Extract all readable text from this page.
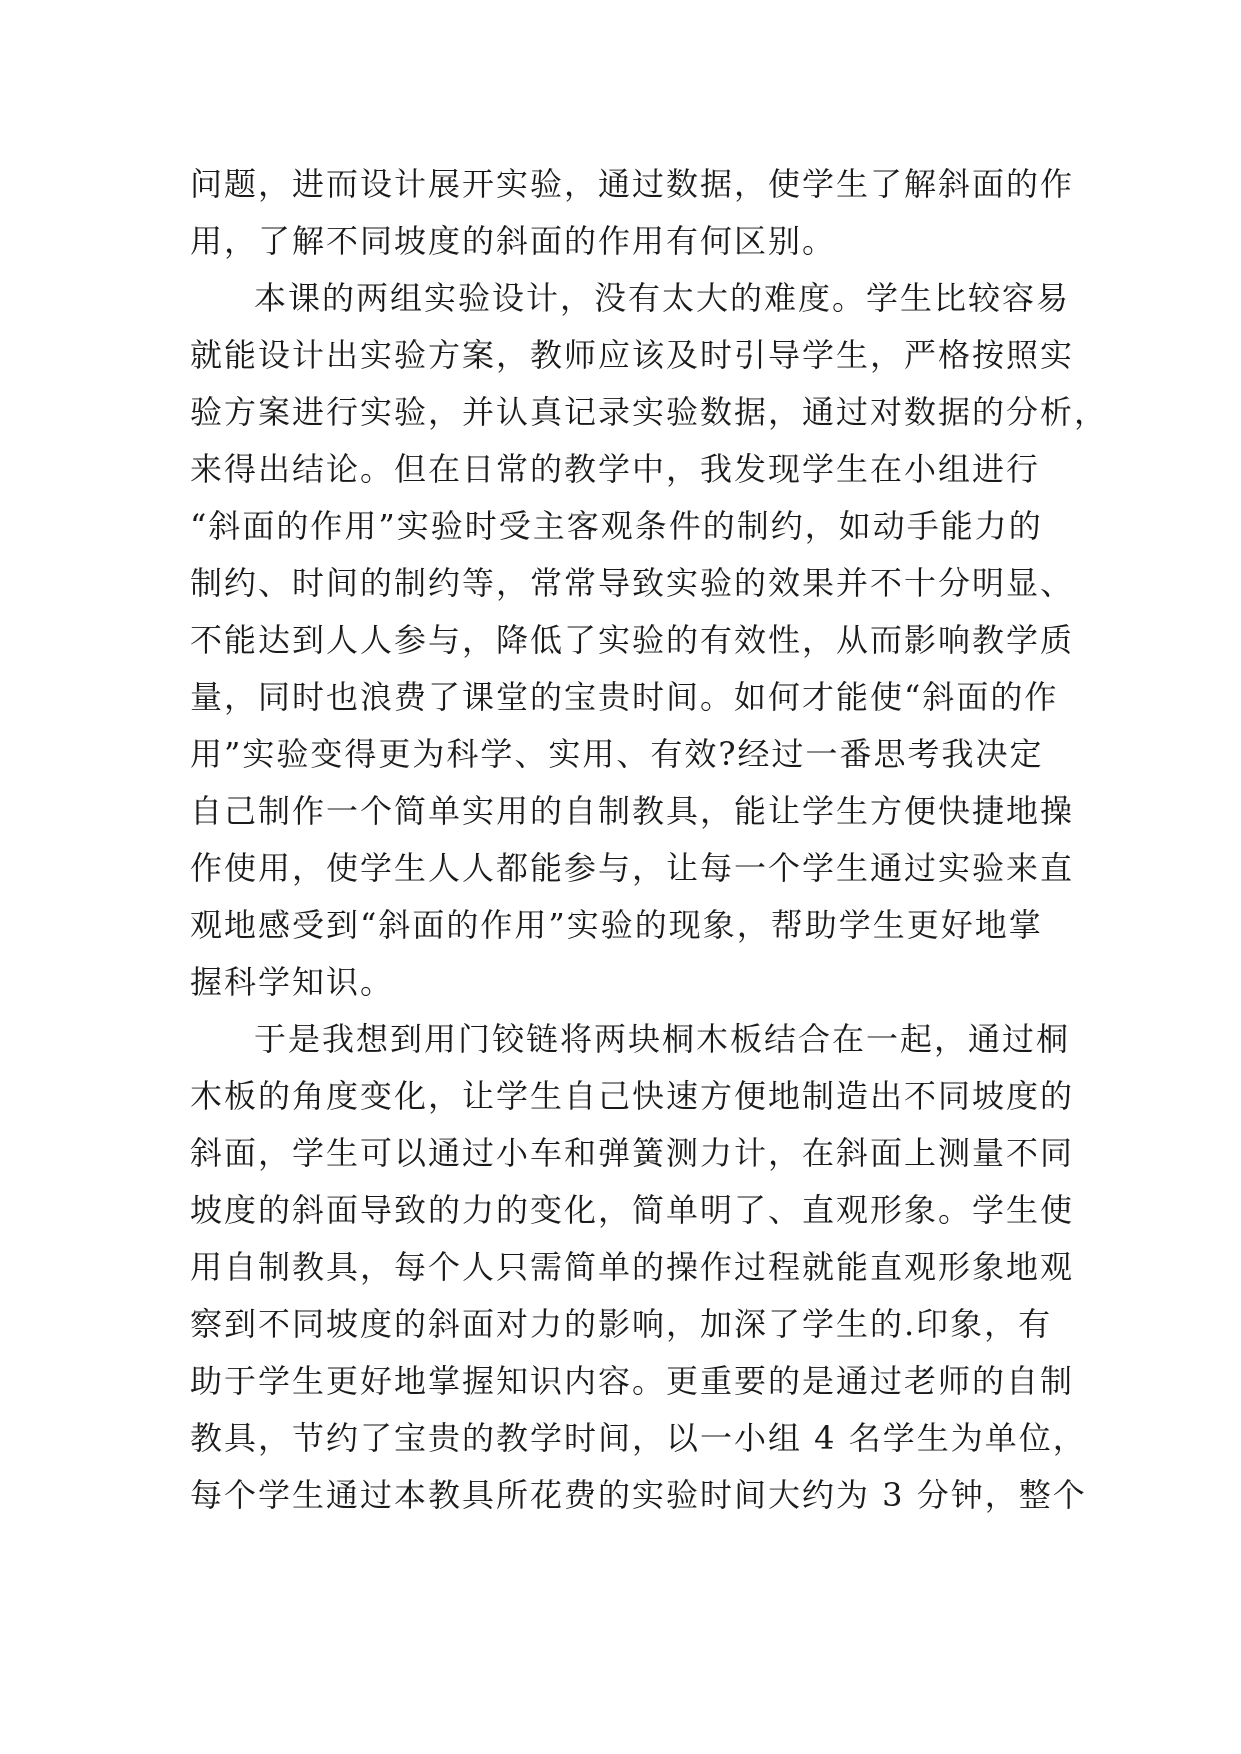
问题，进而设计展开实验，通过数据，使学生了解斜面的作
用，了解不同坡度的斜面的作用有何区别。
本课的两组实验设计，没有太大的难度。学生比较容易
就能设计出实验方案，教师应该及时引导学生，严格按照实
验方案进行实验，并认真记录实验数据，通过对数据的分析，
来得出结论。但在日常的教学中，我发现学生在小组进行
“斜面的作用”实验时受主客观条件的制约，如动手能力的
制约、时间的制约等，常常导致实验的效果并不十分明显、
不能达到人人参与，降低了实验的有效性，从而影响教学质
量，同时也浪费了课堂的宝贵时间。如何才能使“斜面的作
用”实验变得更为科学、实用、有效?经过一番思考我决定
自己制作一个简单实用的自制教具，能让学生方便快捷地操
作使用，使学生人人都能参与，让每一个学生通过实验来直
观地感受到“斜面的作用”实验的现象，帮助学生更好地掌
握科学知识。
于是我想到用门铰链将两块桐木板结合在一起，通过桐
木板的角度变化，让学生自己快速方便地制造出不同坡度的
斜面，学生可以通过小车和弹簧测力计，在斜面上测量不同
坡度的斜面导致的力的变化，简单明了、直观形象。学生使
用自制教具，每个人只需简单的操作过程就能直观形象地观
察到不同坡度的斜面对力的影响，加深了学生的.印象，有
助于学生更好地掌握知识内容。更重要的是通过老师的自制
教具，节约了宝贵的教学时间，以一小组 4 名学生为单位，
每个学生通过本教具所花费的实验时间大约为 3 分钟，整个
